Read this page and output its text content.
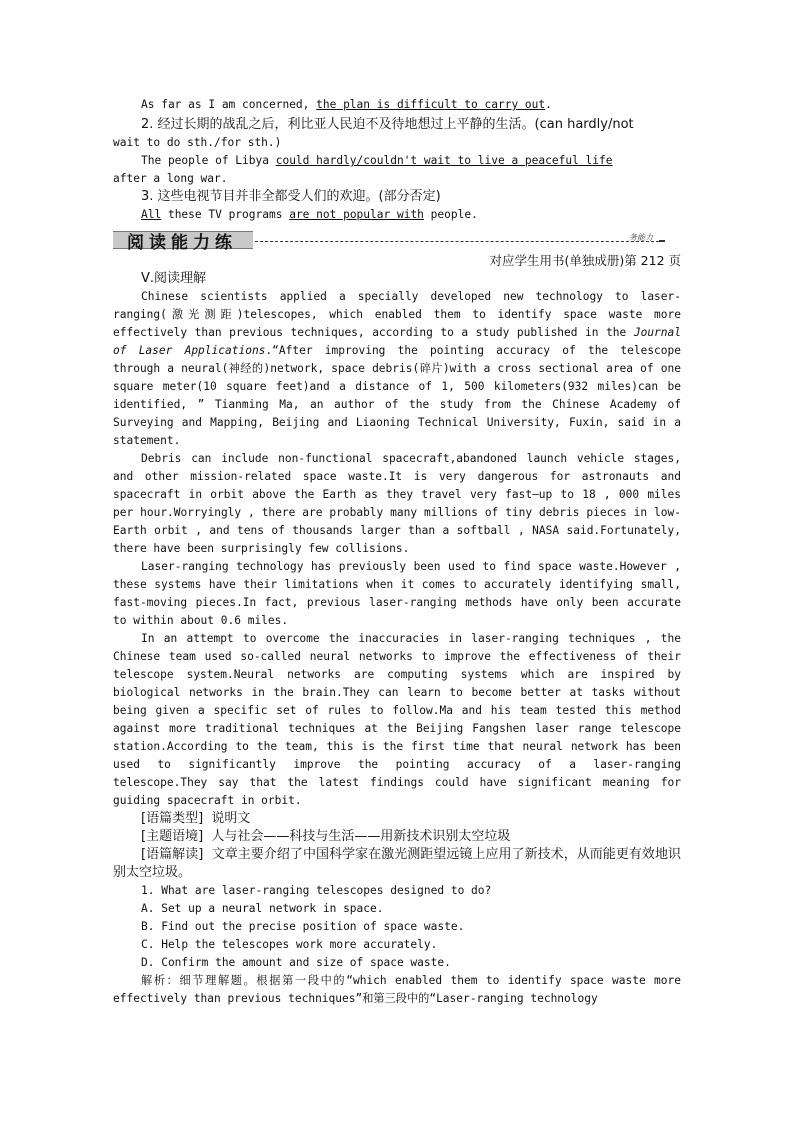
As far as I am concerned, the plan is difficult to carry out.

2. 经过长期的战乱之后，利比亚人民迫不及待地想过上平静的生活。(can hardly/not

wait to do sth./for sth.)

The people of Libya could hardly/couldn't wait to live a peaceful life

after a long war.

3. 这些电视节目并非全都受人们的欢迎。(部分否定)

All these TV programs are not popular with people.

阅读能力练	务能力
对应学生用书(单独成册)第 212 页
Ⅴ.阅读理解

Chinese scientists applied a specially developed new technology to laser-ranging(激光测距)telescopes, which enabled them to identify space waste more effectively than previous techniques, according to a study published in the Journal of Laser Applications.“After improving the pointing accuracy of the telescope through a neural(神经的)network, space debris(碎片)with a cross sectional area of one square meter(10 square feet)and a distance of 1, 500 kilometers(932 miles)can be identified, ” Tianming Ma, an author of the study from the Chinese Academy of Surveying and Mapping, Beijing and Liaoning Technical University, Fuxin, said in a statement.

Debris can include non-functional spacecraft,abandoned launch vehicle stages, and other mission-related space waste.It is very dangerous for astronauts and spacecraft in orbit above the Earth as they travel very fast—up to 18 , 000 miles per hour.Worryingly , there are probably many millions of tiny debris pieces in low-Earth orbit , and tens of thousands larger than a softball , NASA said.Fortunately, there have been surprisingly few collisions.

Laser-ranging technology has previously been used to find space waste.However , these systems have their limitations when it comes to accurately identifying small, fast-moving pieces.In fact, previous laser-ranging methods have only been accurate to within about 0.6 miles.

In an attempt to overcome the inaccuracies in laser-ranging techniques , the Chinese team used so-called neural networks to improve the effectiveness of their telescope system.Neural networks are computing systems which are inspired by biological networks in the brain.They can learn to become better at tasks without being given a specific set of rules to follow.Ma and his team tested this method against more traditional techniques at the Beijing Fangshen laser range telescope station.According to the team, this is the first time that neural network has been used to significantly improve the pointing accuracy of a laser-ranging telescope.They say that the latest findings could have significant meaning for guiding spacecraft in orbit.

[语篇类型] 说明文

[主题语境] 人与社会——科技与生活——用新技术识别太空垃圾

[语篇解读] 文章主要介绍了中国科学家在激光测距望远镜上应用了新技术，从而能更有效地识别太空垃圾。

1. What are laser-ranging telescopes designed to do?

A. Set up a neural network in space.

B. Find out the precise position of space waste.

C. Help the telescopes work more accurately.

D. Confirm the amount and size of space waste.

解析：细节理解题。根据第一段中的“which enabled them to identify space waste more effectively than previous techniques”和第三段中的“Laser-ranging technology
